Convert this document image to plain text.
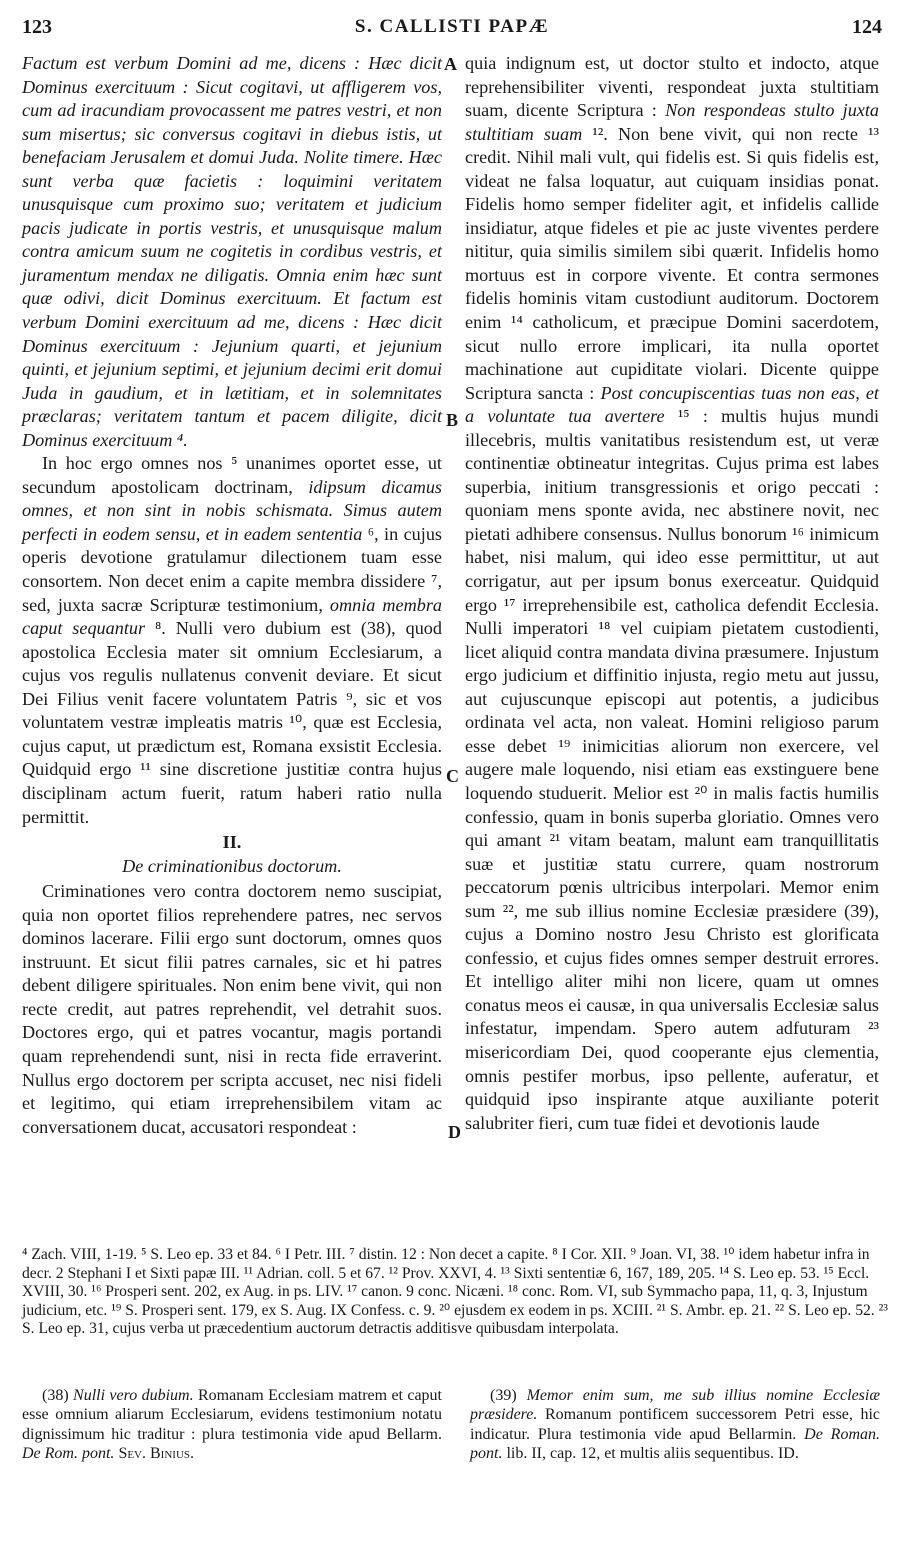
123	S. CALLISTI PAPÆ	124

Factum est verbum Domini ad me, dicens : Hæc dicit Dominus exercituum : Sicut cogitavi, ut affligerem vos, cum ad iracundiam provocassent me patres vestri, et non sum misertus; sic conversus cogitavi in diebus istis, ut benefaciam Jerusalem et domui Juda. Nolite timere. Hæc sunt verba quæ facietis : loquimini veritatem unusquisque cum proximo suo; veritatem et judicium pacis judicate in portis vestris, et unusquisque malum contra amicum suum ne cogitetis in cordibus vestris, et juramentum mendax ne diligatis. Omnia enim hæc sunt quæ odivi, dicit Dominus exercituum. Et factum est verbum Domini exercituum ad me, dicens : Hæc dicit Dominus exercituum : Jejunium quarti, et jejunium quinti, et jejunium septimi, et jejunium decimi erit domui Juda in gaudium, et in lætitiam, et in solemnitates præclaras; veritatem tantum et pacem diligite, dicit Dominus exercituum ⁴.

In hoc ergo omnes nos ⁵ unanimes oportet esse, ut secundum apostolicam doctrinam, idipsum dicamus omnes, et non sint in nobis schismata. Simus autem perfecti in eodem sensu, et in eadem sententia ⁶, in cujus operis devotione gratulamur dilectionem tuam esse consortem. Non decet enim a capite membra dissidere ⁷, sed, juxta sacræ Scripturæ testimonium, omnia membra caput sequantur ⁸. Nulli vero dubium est (38), quod apostolica Ecclesia mater sit omnium Ecclesiarum, a cujus vos regulis nullatenus convenit deviare. Et sicut Dei Filius venit facere voluntatem Patris ⁹, sic et vos voluntatem vestræ impleatis matris ¹⁰, quæ est Ecclesia, cujus caput, ut prædictum est, Romana exsistit Ecclesia. Quidquid ergo ¹¹ sine discretione justitiæ contra hujus disciplinam actum fuerit, ratum haberi ratio nulla permittit.

II.

De criminationibus doctorum.

Criminationes vero contra doctorem nemo suscipiat, quia non oportet filios reprehendere patres, nec servos dominos lacerare. Filii ergo sunt doctorum, omnes quos instruunt. Et sicut filii patres carnales, sic et hi patres debent diligere spirituales. Non enim bene vivit, qui non recte credit, aut patres reprehendit, vel detrahit suos. Doctores ergo, qui et patres vocantur, magis portandi quam reprehendendi sunt, nisi in recta fide erraverint. Nullus ergo doctorem per scripta accuset, nec nisi fideli et legitimo, qui etiam irreprehensibilem vitam ac conversationem ducat, accusatori respondeat :

A
B
C
D

quia indignum est, ut doctor stulto et indocto, atque reprehensibiliter viventi, respondeat juxta stultitiam suam, dicente Scriptura : Non respondeas stulto juxta stultitiam suam ¹². Non bene vivit, qui non recte ¹³ credit. Nihil mali vult, qui fidelis est. Si quis fidelis est, videat ne falsa loquatur, aut cuiquam insidias ponat. Fidelis homo semper fideliter agit, et infidelis callide insidiatur, atque fideles et pie ac juste viventes perdere nititur, quia similis similem sibi quærit. Infidelis homo mortuus est in corpore vivente. Et contra sermones fidelis hominis vitam custodiunt auditorum. Doctorem enim ¹⁴ catholicum, et præcipue Domini sacerdotem, sicut nullo errore implicari, ita nulla oportet machinatione aut cupiditate violari. Dicente quippe Scriptura sancta : Post concupiscentias tuas non eas, et a voluntate tua avertere ¹⁵ : multis hujus mundi illecebris, multis vanitatibus resistendum est, ut veræ continentiæ obtineatur integritas. Cujus prima est labes superbia, initium transgressionis et origo peccati : quoniam mens sponte avida, nec abstinere novit, nec pietati adhibere consensus. Nullus bonorum ¹⁶ inimicum habet, nisi malum, qui ideo esse permittitur, ut aut corrigatur, aut per ipsum bonus exerceatur. Quidquid ergo ¹⁷ irreprehensibile est, catholica defendit Ecclesia. Nulli imperatori ¹⁸ vel cuipiam pietatem custodienti, licet aliquid contra mandata divina præsumere. Injustum ergo judicium et diffinitio injusta, regio metu aut jussu, aut cujuscunque episcopi aut potentis, a judicibus ordinata vel acta, non valeat. Homini religioso parum esse debet ¹⁹ inimicitias aliorum non exercere, vel augere male loquendo, nisi etiam eas exstinguere bene loquendo studuerit. Melior est ²⁰ in malis factis humilis confessio, quam in bonis superba gloriatio. Omnes vero qui amant ²¹ vitam beatam, malunt eam tranquillitatis suæ et justitiæ statu currere, quam nostrorum peccatorum pœnis ultricibus interpolari. Memor enim sum ²², me sub illius nomine Ecclesiæ præsidere (39), cujus a Domino nostro Jesu Christo est glorificata confessio, et cujus fides omnes semper destruit errores. Et intelligo aliter mihi non licere, quam ut omnes conatus meos ei causæ, in qua universalis Ecclesiæ salus infestatur, impendam. Spero autem adfuturam ²³ misericordiam Dei, quod cooperante ejus clementia, omnis pestifer morbus, ipso pellente, auferatur, et quidquid ipso inspirante atque auxiliante poterit salubriter fieri, cum tuæ fidei et devotionis laude

⁴ Zach. VIII, 1-19. ⁵ S. Leo ep. 33 et 84. ⁶ I Petr. III. ⁷ distin. 12 : Non decet a capite. ⁸ I Cor. XII. ⁹ Joan. VI, 38. ¹⁰ idem habetur infra in decr. 2 Stephani I et Sixti papæ III. ¹¹ Adrian. coll. 5 et 67. ¹² Prov. XXVI, 4. ¹³ Sixti sententiæ 6, 167, 189, 205. ¹⁴ S. Leo ep. 53. ¹⁵ Eccl. XVIII, 30. ¹⁶ Prosperi sent. 202, ex Aug. in ps. LIV. ¹⁷ canon. 9 conc. Nicæni. ¹⁸ conc. Rom. VI, sub Symmacho papa, 11, q. 3, Injustum judicium, etc. ¹⁹ S. Prosperi sent. 179, ex S. Aug. IX Confess. c. 9. ²⁰ ejusdem ex eodem in ps. XCIII. ²¹ S. Ambr. ep. 21. ²² S. Leo ep. 52. ²³ S. Leo ep. 31, cujus verba ut præcedentium auctorum detractis additisve quibusdam interpolata.

(38) Nulli vero dubium. Romanam Ecclesiam matrem et caput esse omnium aliarum Ecclesiarum, evidens testimonium notatu dignissimum hic traditur : plura testimonia vide apud Bellarm. De Rom. pont. Sev. Binius.

(39) Memor enim sum, me sub illius nomine Ecclesiæ præsidere. Romanum pontificem successorem Petri esse, hic indicatur. Plura testimonia vide apud Bellarmin. De Roman. pont. lib. II, cap. 12, et multis aliis sequentibus. ID.
